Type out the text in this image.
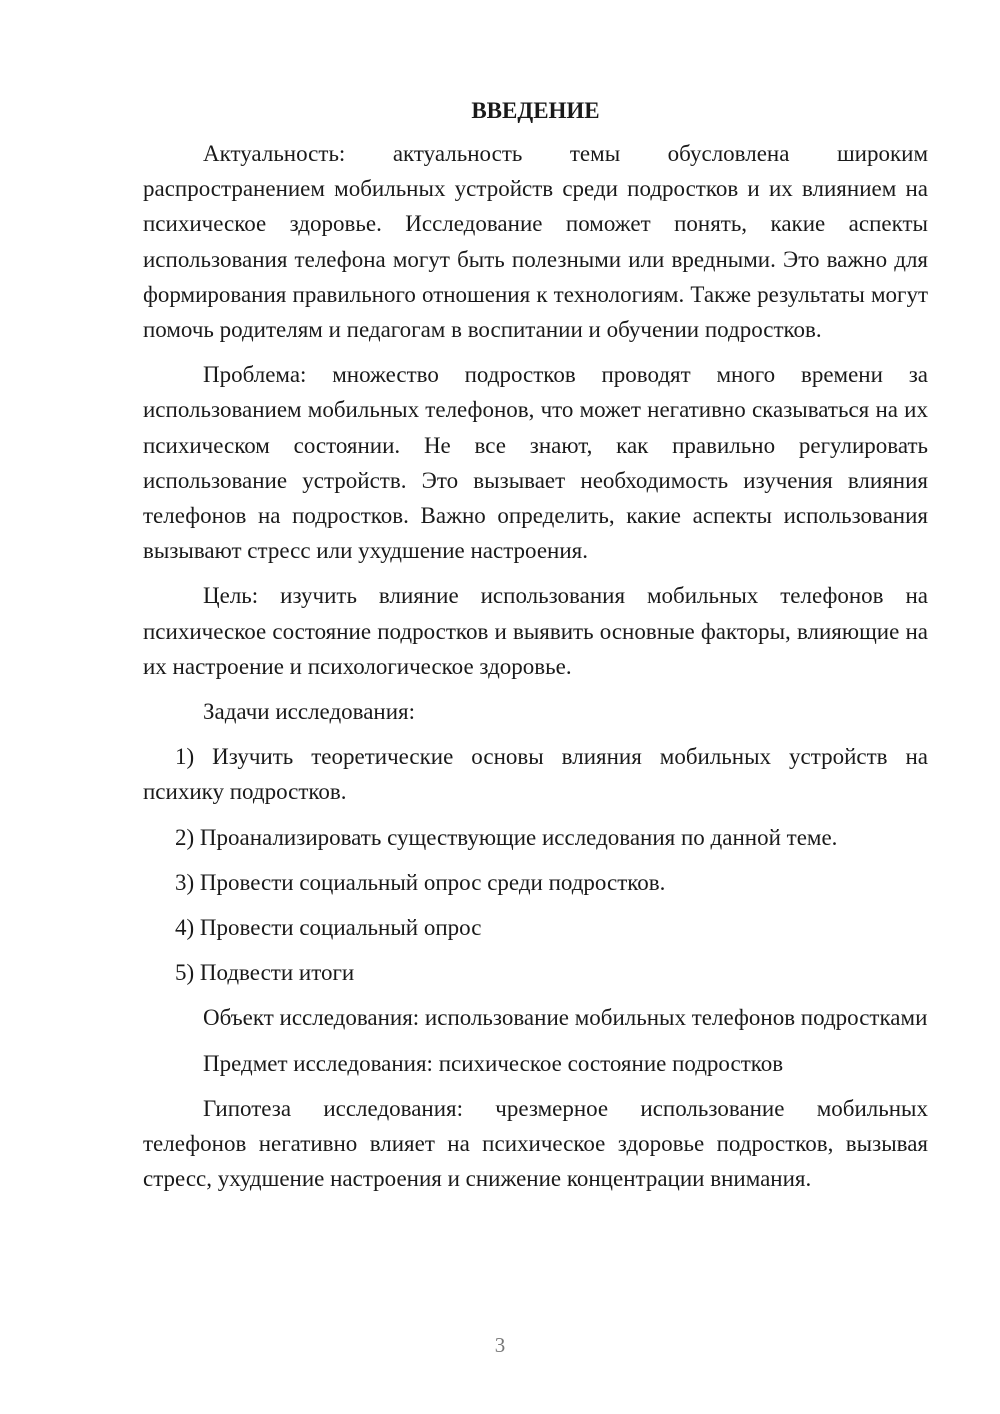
ВВЕДЕНИЕ

Актуальность: актуальность темы обусловлена широким распространением мобильных устройств среди подростков и их влиянием на психическое здоровье. Исследование поможет понять, какие аспекты использования телефона могут быть полезными или вредными. Это важно для формирования правильного отношения к технологиям. Также результаты могут помочь родителям и педагогам в воспитании и обучении подростков.

Проблема: множество подростков проводят много времени за использованием мобильных телефонов, что может негативно сказываться на их психическом состоянии. Не все знают, как правильно регулировать использование устройств. Это вызывает необходимость изучения влияния телефонов на подростков. Важно определить, какие аспекты использования вызывают стресс или ухудшение настроения.

Цель: изучить влияние использования мобильных телефонов на психическое состояние подростков и выявить основные факторы, влияющие на их настроение и психологическое здоровье.

Задачи исследования:

1) Изучить теоретические основы влияния мобильных устройств на психику подростков.

2) Проанализировать существующие исследования по данной теме.

3) Провести социальный опрос среди подростков.

4) Провести социальный опрос

5) Подвести итоги

Объект исследования: использование мобильных телефонов подростками

Предмет исследования: психическое состояние подростков

Гипотеза исследования: чрезмерное использование мобильных телефонов негативно влияет на психическое здоровье подростков, вызывая стресс, ухудшение настроения и снижение концентрации внимания.

3
